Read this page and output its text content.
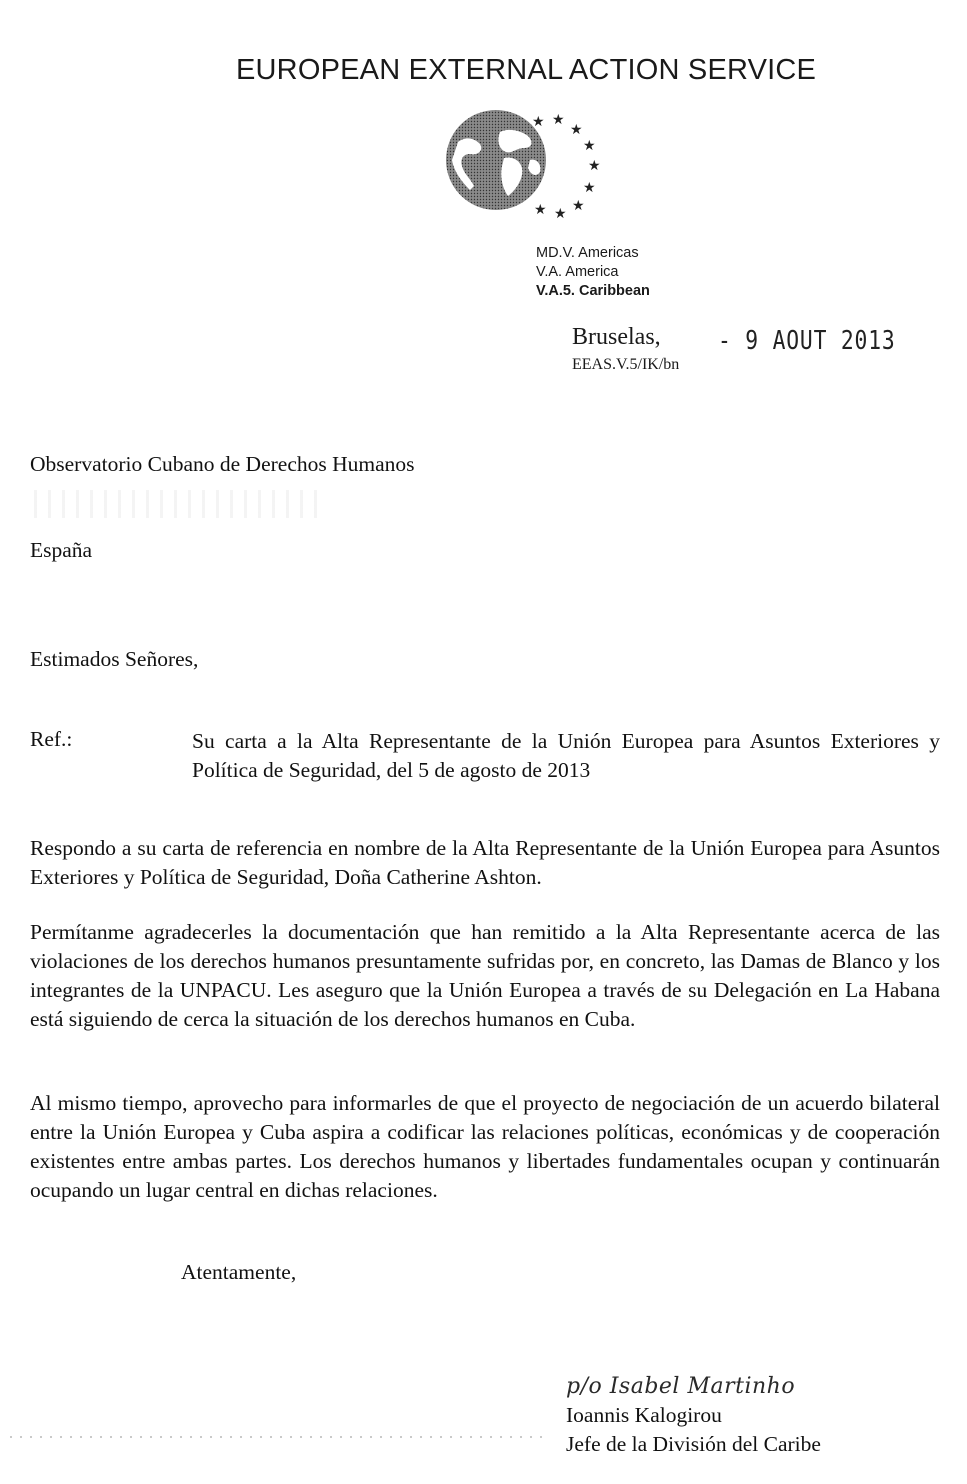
EUROPEAN EXTERNAL ACTION SERVICE
★ ★
★
★
★
★
★
★
★
MD.V. Americas
V.A. America
V.A.5. Caribbean
Bruselas, - 9 AOUT 2013
EEAS.V.5/IK/bn
Observatorio Cubano de Derechos Humanos
España
Estimados Señores,
Ref.:	Su carta a la Alta Representante de la Unión Europea para Asuntos Exteriores y Política de Seguridad, del 5 de agosto de 2013
Respondo a su carta de referencia en nombre de la Alta Representante de la Unión Europea para Asuntos Exteriores y Política de Seguridad, Doña Catherine Ashton.
Permítanme agradecerles la documentación que han remitido a la Alta Representante acerca de las violaciones de los derechos humanos presuntamente sufridas por, en concreto, las Damas de Blanco y los integrantes de la UNPACU. Les aseguro que la Unión Europea a través de su Delegación en La Habana está siguiendo de cerca la situación de los derechos humanos en Cuba.
Al mismo tiempo, aprovecho para informarles de que el proyecto de negociación de un acuerdo bilateral entre la Unión Europea y Cuba aspira a codificar las relaciones políticas, económicas y de cooperación existentes entre ambas partes. Los derechos humanos y libertades fundamentales ocupan y continuarán ocupando un lugar central en dichas relaciones.
Atentamente,
p/o Isabel Martinho
Ioannis Kalogirou
Jefe de la División del Caribe
